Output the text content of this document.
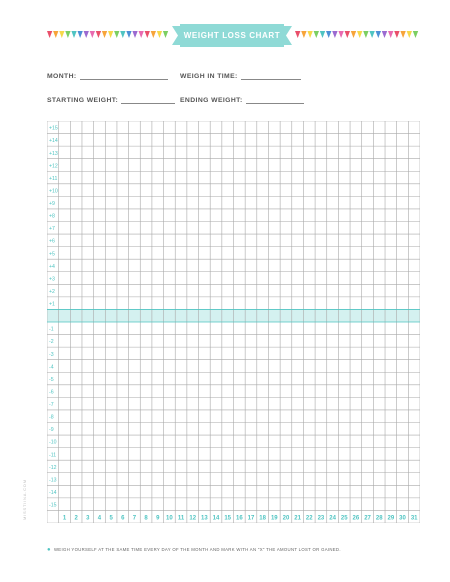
WEIGHT LOSS CHART
MONTH:	WEIGH IN TIME:
STARTING WEIGHT:	ENDING WEIGHT:
+15
+14
+13
+12
+11
+10
+9
+8
+7
+6
+5
+4
+3
+2
+1
-1
-2
-3
-4
-5
-6
-7
-8
-9
-10
-11
-12
-13
-14
-15
1 2 3 4 5 6 7 8 9 10 11 12 13 14 15 16 17 18 19 20 21 22 23 24 25 26 27 28 29 30 31
MISSTIINA.COM
● WEIGH YOURSELF AT THE SAME TIME EVERY DAY OF THE MONTH AND MARK WITH AN "X" THE AMOUNT LOST OR GAINED.
